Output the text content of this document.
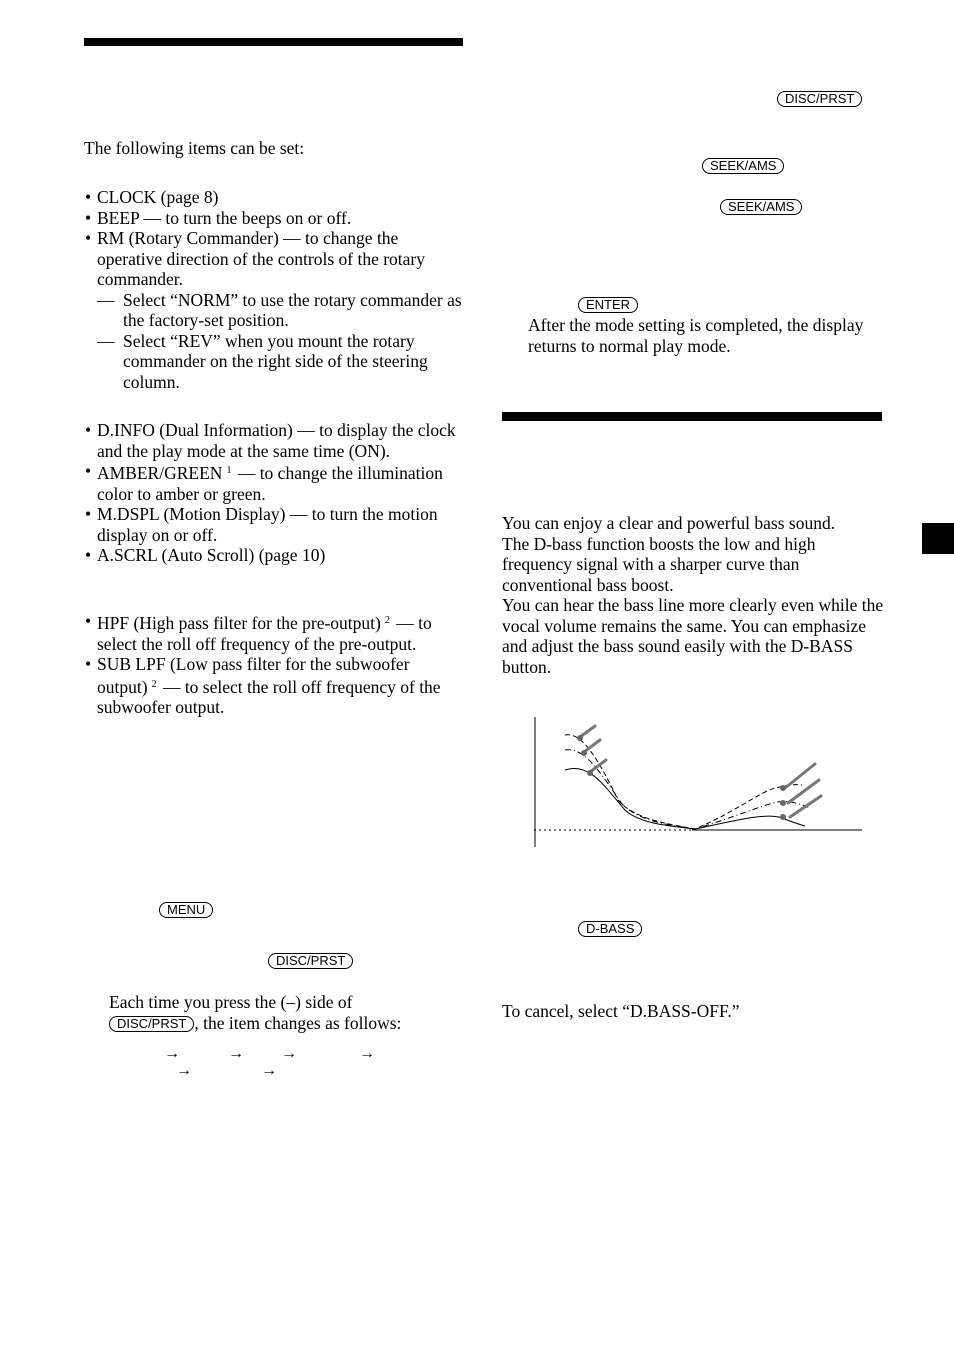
The following items can be set:
• CLOCK (page 8)
• BEEP — to turn the beeps on or off.
• RM (Rotary Commander) — to change the operative direction of the controls of the rotary commander.
— Select “NORM” to use the rotary commander as the factory-set position.
— Select “REV” when you mount the rotary commander on the right side of the steering column.
• D.INFO (Dual Information) — to display the clock and the play mode at the same time (ON).
• AMBER/GREEN $^1$ — to change the illumination color to amber or green.
• M.DSPL (Motion Display) — to turn the motion display on or off.
• A.SCRL (Auto Scroll) (page 10)
• HPF (High pass filter for the pre-output) $^2$ — to select the roll off frequency of the pre-output.
• SUB LPF (Low pass filter for the subwoofer output) $^2$ — to select the roll off frequency of the subwoofer output.
MENU
DISC/PRST

Each time you press the (–) side of

DISC/PRST , the item changes as follows:

→	→ →	→
→	→
DISC/PRST
SEEK/AMS
SEEK/AMS
ENTER
After the mode setting is completed, the display returns to normal play mode.

You can enjoy a clear and powerful bass sound.

The D-bass function boosts the low and high frequency signal with a sharper curve than conventional bass boost.

You can hear the bass line more clearly even while the vocal volume remains the same. You can emphasize and adjust the bass sound easily with the D-BASS button.

D-BASS
To cancel, select “D.BASS-OFF.”
